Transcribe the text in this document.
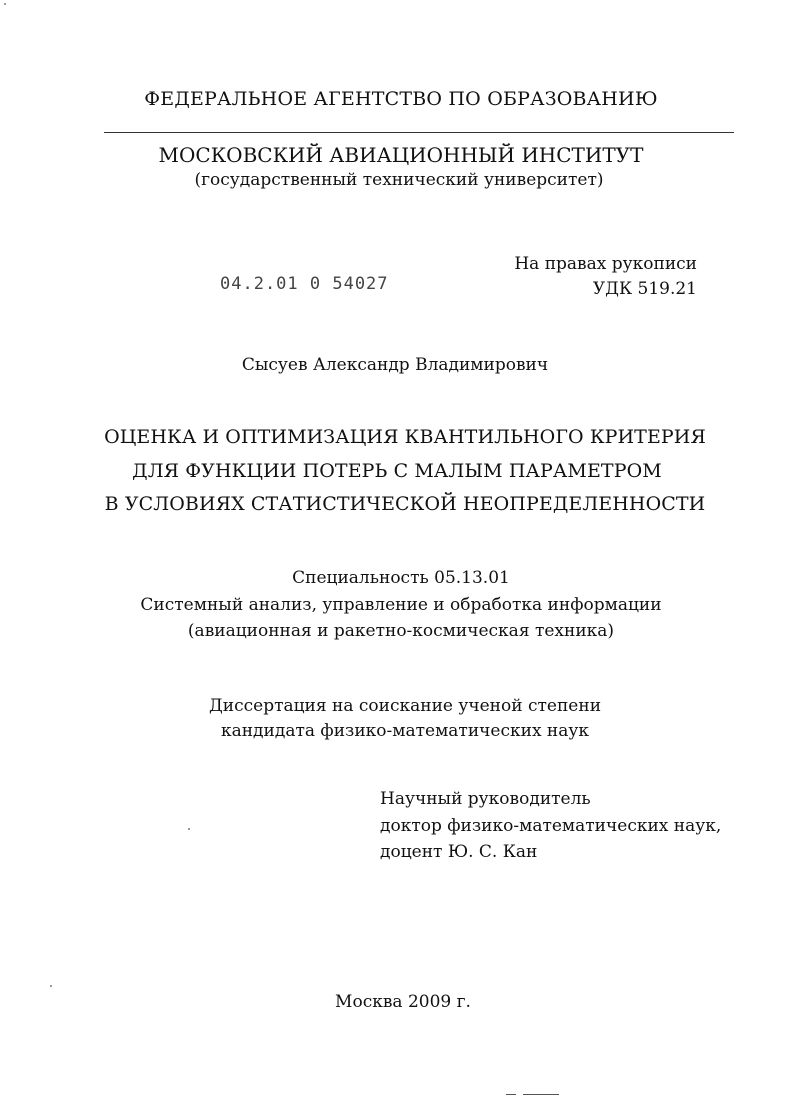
ФЕДЕРАЛЬНОЕ АГЕНТСТВО ПО ОБРАЗОВАНИЮ
МОСКОВСКИЙ АВИАЦИОННЫЙ ИНСТИТУТ
(государственный технический университет)
На правах рукописи
УДК 519.21
04.2.01 0 54027
Сысуев Александр Владимирович
ОЦЕНКА И ОПТИМИЗАЦИЯ КВАНТИЛЬНОГО КРИТЕРИЯ
ДЛЯ ФУНКЦИИ ПОТЕРЬ С МАЛЫМ ПАРАМЕТРОМ
В УСЛОВИЯХ СТАТИСТИЧЕСКОЙ НЕОПРЕДЕЛЕННОСТИ
Специальность 05.13.01
Системный анализ, управление и обработка информации
(авиационная и ракетно-космическая техника)
Диссертация на соискание ученой степени
кандидата физико-математических наук
Научный руководитель
доктор физико-математических наук,
доцент Ю. С. Кан
Москва 2009 г.
